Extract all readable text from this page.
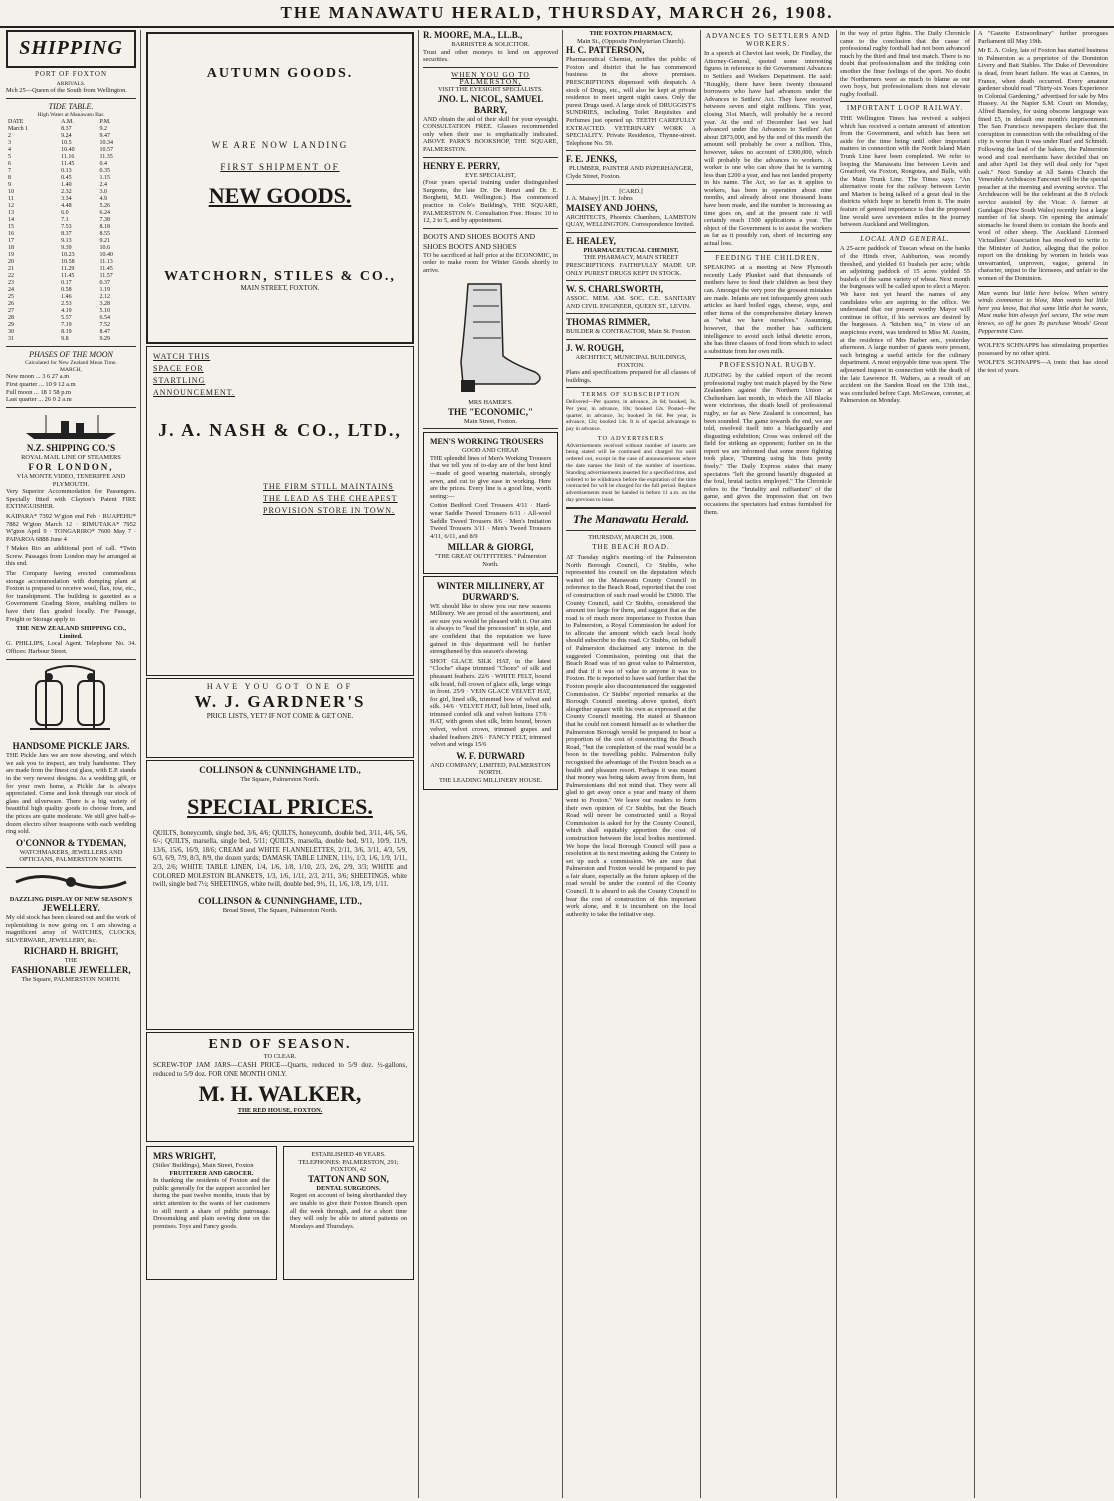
THE MANAWATU HERALD, THURSDAY, MARCH 26, 1908.
SHIPPING
PORT OF FOXTON
ARRIVALS.

Mch 25—Queen of the South from Wellington.

TIDE TABLE.
High Water at Manawatu Bar.
DATE	A.M.	P.M.
March 1	8.37	9.2
2	9.24	9.47
3	10.5	10.34
4	10.40	10.57
5	11.16	11.35
6	11.45	0.4
7	0.13	0.35
8	0.45	1.15
9	1.40	2.4
10	2.32	3.0
11	3.34	4.9
12	4.48	5.26
13	6.0	6.24
14	7.1	7.38
15	7.53	8.18
16	8.37	8.55
17	9.13	9.21
18	9.39	10.6
19	10.23	10.40
20	10.58	11.13
21	11.29	11.45
22	11.45	11.57
23	0.17	0.37
24	0.58	1.19
25	1.46	2.12
26	2.53	3.28
27	4.19	5.10
28	5.57	6.54
29	7.19	7.52
30	8.19	8.47
31	9.8	9.29
PHASES OF THE MOON
Calculated for New Zealand Mean Time.
MARCH,
New moon ... 3 6 27 a.m
First quarter ... 10 9 12 a.m
Full moon ... 18 1 58 p.m
Last quarter ... 26 0 2 a.m
N.Z. SHIPPING CO.'S
ROYAL MAIL LINE OF STEAMERS
FOR LONDON,
VIA MONTE VIDEO, TENERIFFE AND PLYMOUTH.

Very Superior Accommodation for Passengers. Specially fitted with Clayton's Patent FIRE EXTINGUISHER.

KAIPARA* 7392 W'gton end Feb · RUAPEHU* 7882 W'gton March 12 · RIMUTAKA* 7952 W'gton April 9 · TONGARIRO* 7600 May 7 · PAPAROA 6888 June 4

†Makes Rio an additional port of call. *Twin Screw. Passages from London may be arranged at this end.

The Company having erected commodious storage accommodation with dumping plant at Foxton is prepared to receive wool, flax, tow, etc., for transhipment. The building is gazetted as a Government Grading Store, enabling millers to have their flax graded locally. For Passage, Freight or Storage apply to

THE NEW ZEALAND SHIPPING CO., Limited.

G. PHILLIPS, Local Agent. Telephone No. 34. Offices: Harbour Street.

HANDSOME PICKLE JARS.

THE Pickle Jars we are now showing, and which we ask you to inspect, are truly handsome. They are made from the finest cut glass, with E.P. stands in the very newest designs. As a wedding gift, or for your own home, a Pickle Jar is always appreciated. Come and look through our stock of glass and silverware. There is a big variety of beautiful high quality goods to choose from, and the prices are quite moderate. We still give half-a-dozen electro silver teaspoons with each wedding ring sold.

O'CONNOR & TYDEMAN,
WATCHMAKERS, JEWELLERS AND OPTICIANS, PALMERSTON NORTH.
DAZZLING DISPLAY OF NEW SEASON'S
JEWELLERY.

My old stock has been cleared out and the work of replenishing is now going on. I am showing a magnificent array of WATCHES, CLOCKS, SILVERWARE, JEWELLERY, &c.

RICHARD H. BRIGHT,
THE
FASHIONABLE JEWELLER,
The Square, PALMERSTON NORTH.
AUTUMN GOODS.
WE ARE NOW LANDING
FIRST SHIPMENT OF
NEW GOODS.
WATCHORN, STILES & CO.,
MAIN STREET, FOXTON.
WATCH THIS SPACE FOR STARTLING ANNOUNCEMENT.
J. A. NASH & CO., LTD.,
THE FIRM STILL MAINTAINS THE LEAD AS THE CHEAPEST PROVISION STORE IN TOWN.
HAVE YOU GOT ONE OF
W. J. GARDNER'S
PRICE LISTS, YET? IF NOT COME & GET ONE.
COLLINSON & CUNNINGHAME LTD.,
The Square, Palmerston North.
SPECIAL PRICES.

QUILTS, honeycomb, single bed, 3/6, 4/6; QUILTS, honeycomb, double bed, 3/11, 4/6, 5/6, 6/-; QUILTS, marsella, single bed, 5/11; QUILTS, marsella, double bed, 9/11, 10/9, 11/9, 13/6, 15/6, 16/9, 18/6; CREAM and WHITE FLANNELETTES, 2/11, 3/6, 3/11, 4/3, 5/9, 6/3, 6/9, 7/9, 8/3, 8/9, the dozen yards; DAMASK TABLE LINEN, 11½, 1/3, 1/6, 1/9, 1/11, 2/3, 2/6; WHITE TABLE LINEN, 1/4, 1/6, 1/8, 1/10, 2/3, 2/6, 2/9, 3/3; WHITE and COLORED MOLESTON BLANKETS, 1/3, 1/6, 1/11, 2/3, 2/11, 3/6; SHEETINGS, white twill, single bed 7½; SHEETINGS, white twill, double bed, 9½, 11, 1/6, 1/8, 1/9, 1/11.

COLLINSON & CUNNINGHAME, LTD.,
Broad Street, The Square, Palmerston North.
END OF SEASON.
TO CLEAR.

SCREW-TOP JAM JARS—CASH PRICE—Quarts, reduced to 5/9 doz. ½-gallons, reduced to 5/9 doz. FOR ONE MONTH ONLY.

M. H. WALKER,
THE RED HOUSE, FOXTON.
MRS WRIGHT,
(Stiles' Buildings), Main Street, Foxton
FRUITERER AND GROCER.

In thanking the residents of Foxton and the public generally for the support accorded her during the past twelve months, trusts that by strict attention to the wants of her customers to still merit a share of public patronage. Dressmaking and plain sewing done on the premises. Toys and Fancy goods.

ESTABLISHED 48 YEARS.
TELEPHONES: PALMERSTON, 291; FOXTON, 42
TATTON AND SON,
DENTAL SURGEONS.

Regret on account of being shorthanded they are unable to give their Foxton Branch open all the week through, and for a short time they will only be able to attend patients on Mondays and Thursdays.

R. MOORE, M.A., LL.B.,
BARRISTER & SOLICITOR.

Trust and other moneys to lend on approved securities.

WHEN YOU GO TO PALMERSTON,
VISIT THE EYESIGHT SPECIALISTS.
JNO. L. NICOL, SAMUEL BARRY,

AND obtain the aid of their skill for your eyesight. CONSULTATION FREE. Glasses recommended only when their use is emphatically indicated. ABOVE PARK'S BOOKSHOP, THE SQUARE, PALMERSTON.

HENRY E. PERRY,
EYE SPECIALIST,

(Four years special training under distinguished Surgeons, the late Dr. De Renzi and Dr. E. Borghetti, M.D. Wellington.) Has commenced practice in Cole's Building's, THE SQUARE, PALMERSTON N. Consultation Free. Hours: 10 to 12, 2 to 5, and by appointment.

BOOTS AND SHOES BOOTS AND SHOES BOOTS AND SHOES

TO be sacrificed at half price at the ECONOMIC, in order to make room for Winter Goods shortly to arrive.

MRS HAMER'S.
THE "ECONOMIC,"
Main Street, Foxton.
MEN'S WORKING TROUSERS
GOOD AND CHEAP.

THE splendid lines of Men's Working Trousers that we tell you of to-day are of the best kind—made of good wearing materials, strongly sewn, and cut to give ease in working. Here are the prices. Every line is a good line, worth seeing:—

Cotton Bedford Cord Trousers 4/11 · Hard-wear Saddle Tweed Trousers 6/11 · All-wool Saddle Tweed Trousers 8/6 · Men's Imitation Tweed Trousers 3/11 · Men's Tweed Trousers 4/11, 6/11, and 8/9

MILLAR & GIORGI,
"THE GREAT OUTFITTERS." Palmerston North.
WINTER MILLINERY, AT DURWARD'S.

WE should like to show you our new seasons Millinery. We are proud of the assortment, and are sure you would be pleased with it. Our aim is always to "lead the procession" in style, and are confident that the reputation we have gained in this department will be further strengthened by this season's showing.

SHOT GLACE SILK HAT, in the latest "Cloche" shape trimmed "Chonx" of silk and pheasant feathers. 22/6 · WHITE FELT, bound silk braid, full crown of glace silk, large wings in front. 25/9 · VEIN GLACE VELVET HAT, for girl, lined silk, trimmed bow of velvet and silk. 14/6 · VELVET HAT, full brim, lined silk, trimmed corded silk and velvet buttons 17/6 · HAT, with green shot silk, brim bound, brown velvet, velvet crown, trimmed grapes and shaded feathers 28/6 · FANCY FELT, trimmed velvet and wings 15/6

W. F. DURWARD
AND COMPANY, LIMITED, PALMERSTON NORTH.
THE LEADING MILLINERY HOUSE.
THE FOXTON PHARMACY,
Main St., (Opposite Presbyterian Church).
H. C. PATTERSON,

Pharmaceutical Chemist, notifies the public of Foxton and district that he has commenced business in the above premises. PRESCRIPTIONS dispensed with despatch. A stock of Drugs, etc., will also be kept at private residence to meet urgent night cases. Only the purest Drugs used. A large stock of DRUGGIST'S SUNDRIES, including Toilet Requisites and Perfumes just opened up. TEETH CAREFULLY EXTRACTED. VETERINARY WORK A SPECIALITY. Private Residence, Thynne-street. Telephone No. 59.

F. E. JENKS,
PLUMBER, PAINTER AND PAPERHANGER,
Clyde Street, Foxton.
[CARD.]
J. A. Maisey] [H. T. Johns
MAISEY AND JOHNS,

ARCHITECTS, Phoenix Chambers, LAMBTON QUAY, WELLINGTON. Correspondence Invited.

E. HEALEY,
PHARMACEUTICAL CHEMIST,
THE PHARMACY, MAIN STREET

PRESCRIPTIONS FAITHFULLY MADE UP. ONLY PUREST DRUGS KEPT IN STOCK.

W. S. CHARLSWORTH,

ASSOC. MEM. AM. SOC. C.E. SANITARY AND CIVIL ENGINEER, QUEEN ST., LEVIN.

THOMAS RIMMER,
BUILDER & CONTRACTOR, Main St. Foxton
J. W. ROUGH,
ARCHITECT, MUNICIPAL BUILDINGS, FOXTON.

Plans and specifications prepared for all classes of buildings.

TERMS OF SUBSCRIPTION

Delivered—Per quarter, in advance, 2s 6d; booked, 3s. Per year, in advance, 10s; booked 12s. Posted—Per quarter, in advance, 3s; booked 3s 6d. Per year, in advance, 12s; booked 14s. It is of special advantage to pay in advance.

TO ADVERTISERS

Advertisements received without number of inserts are being stated will be continued and charged for until ordered out, except in the case of announcements where the date names the limit of the number of insertions. Standing advertisements inserted for a specified time, and ordered to be withdrawn before the expiration of the time contracted for will be charged for the full period. Replace advertisements must be handed in before 11 a.m. on the day previous to issue.

The Manawatu Herald.
THURSDAY, MARCH 26, 1908.
THE BEACH ROAD.

AT Tuesday night's meeting of the Palmerston North Borough Council, Cr Stubbs, who represented his council on the deputation which waited on the Manawatu County Council in reference to the Beach Road, reported that the cost of construction of such road would be £5000. The County Council, said Cr Stubbs, considered the amount too large for them, and suggest that as the road is of much more importance to Foxton than to Palmerston, a Royal Commission be asked for to allocate the amount which each local body should subscribe to this road. Cr Stubbs, on behalf of Palmerston disclaimed any interest in the suggested Commission, pointing out that the Beach Road was of no great value to Palmerston, and that if it was of value to anyone it was to Foxton. He is reported to have said further that the Foxton people also discountenanced the suggested Commission. Cr Stubbs' reported remarks at the Borough Council meeting above quoted, don't altogether square with his own as expressed at the County Council meeting. He stated at Shannon that he could not commit himself as to whether the Palmerston Borough would be prepared to bear a proportion of the cost of constructing the Beach Road, "but the completion of the road would be a boon to the travelling public. Palmerston fully recognised the advantage of the Foxton beach as a health and pleasure resort. Perhaps it was meant that money was being taken away from them, but Palmerstonians did not mind that. They were all glad to get away once a year and many of them went to Foxton." We leave our readers to form their own opinion of Cr Stubbs, but the Beach Road will never be constructed until a Royal Commission is asked for by the County Council, which shall equitably apportion the cost of construction between the local bodies mentioned. We hope the local Borough Council will pass a resolution at its next meeting asking the County to set up such a commission. We are sure that Palmerston and Foxton would be prepared to pay a fair share, especially as the future upkeep of the road would be under the control of the County Council. It is absurd to ask the County Council to bear the cost of construction of this important work alone, and it is incumbent on the local authority to take the initiative step.

ADVANCES TO SETTLERS AND WORKERS.

In a speech at Cheviot last week, Dr Findlay, the Attorney-General, quoted some interesting figures in reference to the Government Advances to Settlers and Workers Department. He said: "Roughly, there have been twenty thousand borrowers who have had advances under the Advances to Settlers' Act. They have received between seven and eight millions. This year, closing 31st March, will probably be a record year. At the end of December last we had advanced under the Advances to Settlers' Act about £873,000, and by the end of this month the amount will probably be over a million. This, however, takes no account of £300,000, which will probably be the advances to workers. A worker is one who can show that he is earning less than £200 a year, and has not landed property in his name. The Act, so far as it applies to workers, has been in operation about nine months, and already about one thousand loans have been made, and the number is increasing as time goes on, and at the present rate it will certainly reach 1500 applications a year. The object of the Government is to assist the workers as far as it possibly can, short of incurring any actual loss.

FEEDING THE CHILDREN.

SPEAKING at a meeting at New Plymouth recently Lady Plunket said that thousands of mothers have to feed their children as best they can. Amongst the very poor the grossest mistakes are made. Infants are not infrequently given such articles as hard boiled eggs, cheese, sops, and other items of the comprehensive dietary known as "what we have ourselves." Assuming, however, that the mother has sufficient intelligence to avoid such lethal dietetic errors, she has three classes of food from which to select a substitute from her own milk.

PROFESSIONAL RUGBY.

JUDGING by the cabled report of the recent professional rugby test match played by the New Zealanders against the Northern Union at Cheltenham last month, in which the All Blacks were victorious, the death knell of professional rugby, so far as New Zealand is concerned, has been sounded. The game towards the end, we are told, resolved itself into a blackguardly and disgusting exhibition; Cross was ordered off the field for striking an opponent; further on in the report we are informed that some more fighting took place, "Dunning using his fists pretty freely." The Daily Express states that many spectators "left the ground heartily disgusted at the foul, brutal tactics employed." The Chronicle refers to the "brutality and ruffianism" of the game, and gives the impression that on two occasions the spectators had extras furnished for them.

in the way of prize fights. The Daily Chronicle came to the conclusion that the cause of professional rugby football had not been advanced much by the third and final test match. There is no doubt that professionalism and the tinkling coin smother the finer feelings of the sport. No doubt the Northerners were as much to blame as our own boys, but professionalism does not elevate rugby football.

IMPORTANT LOOP RAILWAY.

THE Wellington Times has revived a subject which has received a certain amount of attention from the Government, and which has been set aside for the time being until other important matters in connection with the North Island Main Trunk Line have been completed. We refer to looping the Manawatu line between Levin and Greatford, via Foxton, Rongotea, and Bulls, with the Main Trunk Line. The Times says: "An alternative route for the railway between Levin and Marton is being talked of a great deal in the districts which hope to benefit from it. The main feature of general importance is that the proposed line would save seventeen miles in the journey between Auckland and Wellington.

LOCAL AND GENERAL.

A 25-acre paddock of Tuscan wheat on the banks of the Hinds river, Ashburton, was recently threshed, and yielded 61 bushels per acre; while an adjoining paddock of 15 acres yielded 55 bushels of the same variety of wheat. Next month the burgesses will be called upon to elect a Mayor. We have not yet heard the names of any candidates who are aspiring to the office. We understand that our present worthy Mayor will continue in office, if his services are desired by the burgesses. A "kitchen tea," in view of an auspicious event, was tendered to Miss M. Austin, at the residence of Mrs Barber sen., yesterday afternoon. A large number of guests were present, each bringing a useful article for the culinary department. A most enjoyable time was spent. The adjourned inquest in connection with the death of the late Lawrence H. Walters, as a result of an accident on the Sandon Road on the 13th inst., was concluded before Capt. McGowan, coroner, at Palmerston on Monday.

A "Gazette Extraordinary" further prorogues Parliament till May 19th.

Mr E. A. Coley, late of Foxton has started business in Palmerston as a proprietor of the Dominion Livery and Bait Stables. The Duke of Devonshire is dead, from heart failure. He was at Cannes, in France, when death occurred. Every amateur gardener should read "Thirty-six Years Experience in Colonial Gardening," advertised for sale by Mrs Hussey. At the Napier S.M. Court on Monday, Alfred Barnsley, for using obscene language was fined £5, in default one month's imprisonment. The San Francisco newspapers declare that the corruption in connection with the rebuilding of the city is worse than it was under Ruef and Schmidt. Following the lead of the bakers, the Palmerston wood and coal merchants have decided that on and after April 1st they will deal only for "spot cash." Next Sunday at All Saints Church the Venerable Archdeacon Fancourt will be the special preacher at the morning and evening service. The Archdeacon will be the celebrant at the 8 o'clock service assisted by the Vicar. A farmer at Gundagai (New South Wales) recently lost a large number of fat sheep. On opening the animals' stomachs he found them to contain the hoofs and wool of other sheep. The Auckland Licensed Victuallers' Association has resolved to write to the Minister of Justice, alleging that the police report on the drinking by women in hotels was unwarranted, unproven, vague, general in character, unjust to the licensees, and unfair to the women of the Dominion.

Man wants but little here below. When wintry winds commence to blow, Man wants but little here you know, But that same little that he wants, Must make him always feel secure, The wise man knows, so off he goes To purchase Woods' Great Peppermint Cure.

WOLFE'S SCHNAPPS has stimulating properties possessed by no other spirit.

WOLFE'S SCHNAPPS—A tonic that has stood the test of years.
